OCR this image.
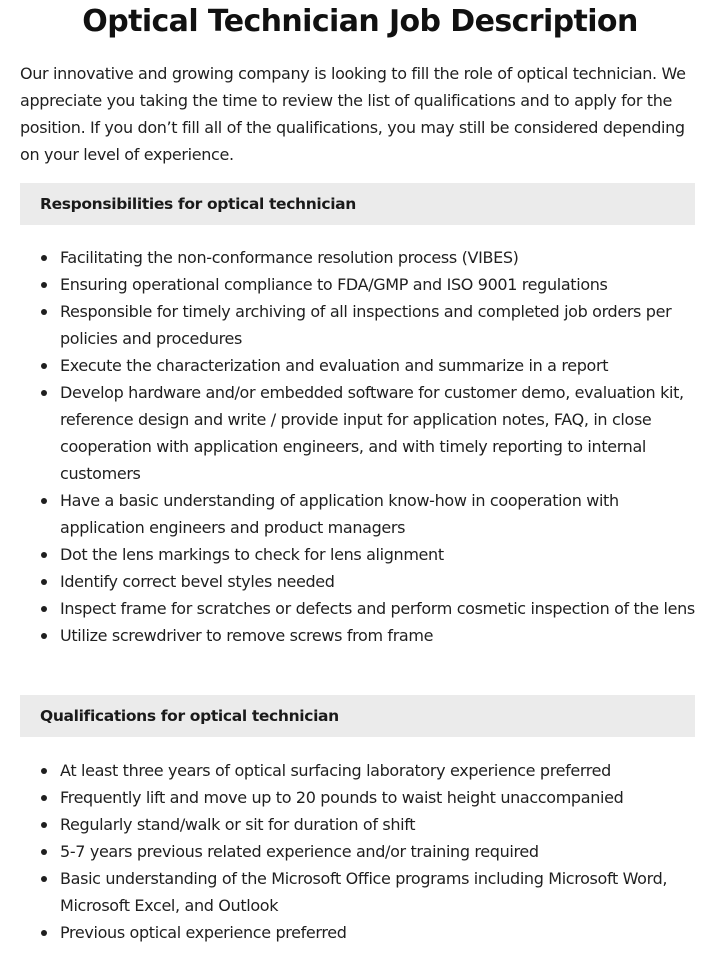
Optical Technician Job Description

Our innovative and growing company is looking to fill the role of optical technician. We appreciate you taking the time to review the list of qualifications and to apply for the position. If you don’t fill all of the qualifications, you may still be considered depending on your level of experience.

Responsibilities for optical technician
Facilitating the non-conformance resolution process (VIBES)
Ensuring operational compliance to FDA/GMP and ISO 9001 regulations
Responsible for timely archiving of all inspections and completed job orders per policies and procedures
Execute the characterization and evaluation and summarize in a report
Develop hardware and/or embedded software for customer demo, evaluation kit, reference design and write / provide input for application notes, FAQ, in close cooperation with application engineers, and with timely reporting to internal customers
Have a basic understanding of application know-how in cooperation with application engineers and product managers
Dot the lens markings to check for lens alignment
Identify correct bevel styles needed
Inspect frame for scratches or defects and perform cosmetic inspection of the lens
Utilize screwdriver to remove screws from frame
Qualifications for optical technician
At least three years of optical surfacing laboratory experience preferred
Frequently lift and move up to 20 pounds to waist height unaccompanied
Regularly stand/walk or sit for duration of shift
5-7 years previous related experience and/or training required
Basic understanding of the Microsoft Office programs including Microsoft Word, Microsoft Excel, and Outlook
Previous optical experience preferred
